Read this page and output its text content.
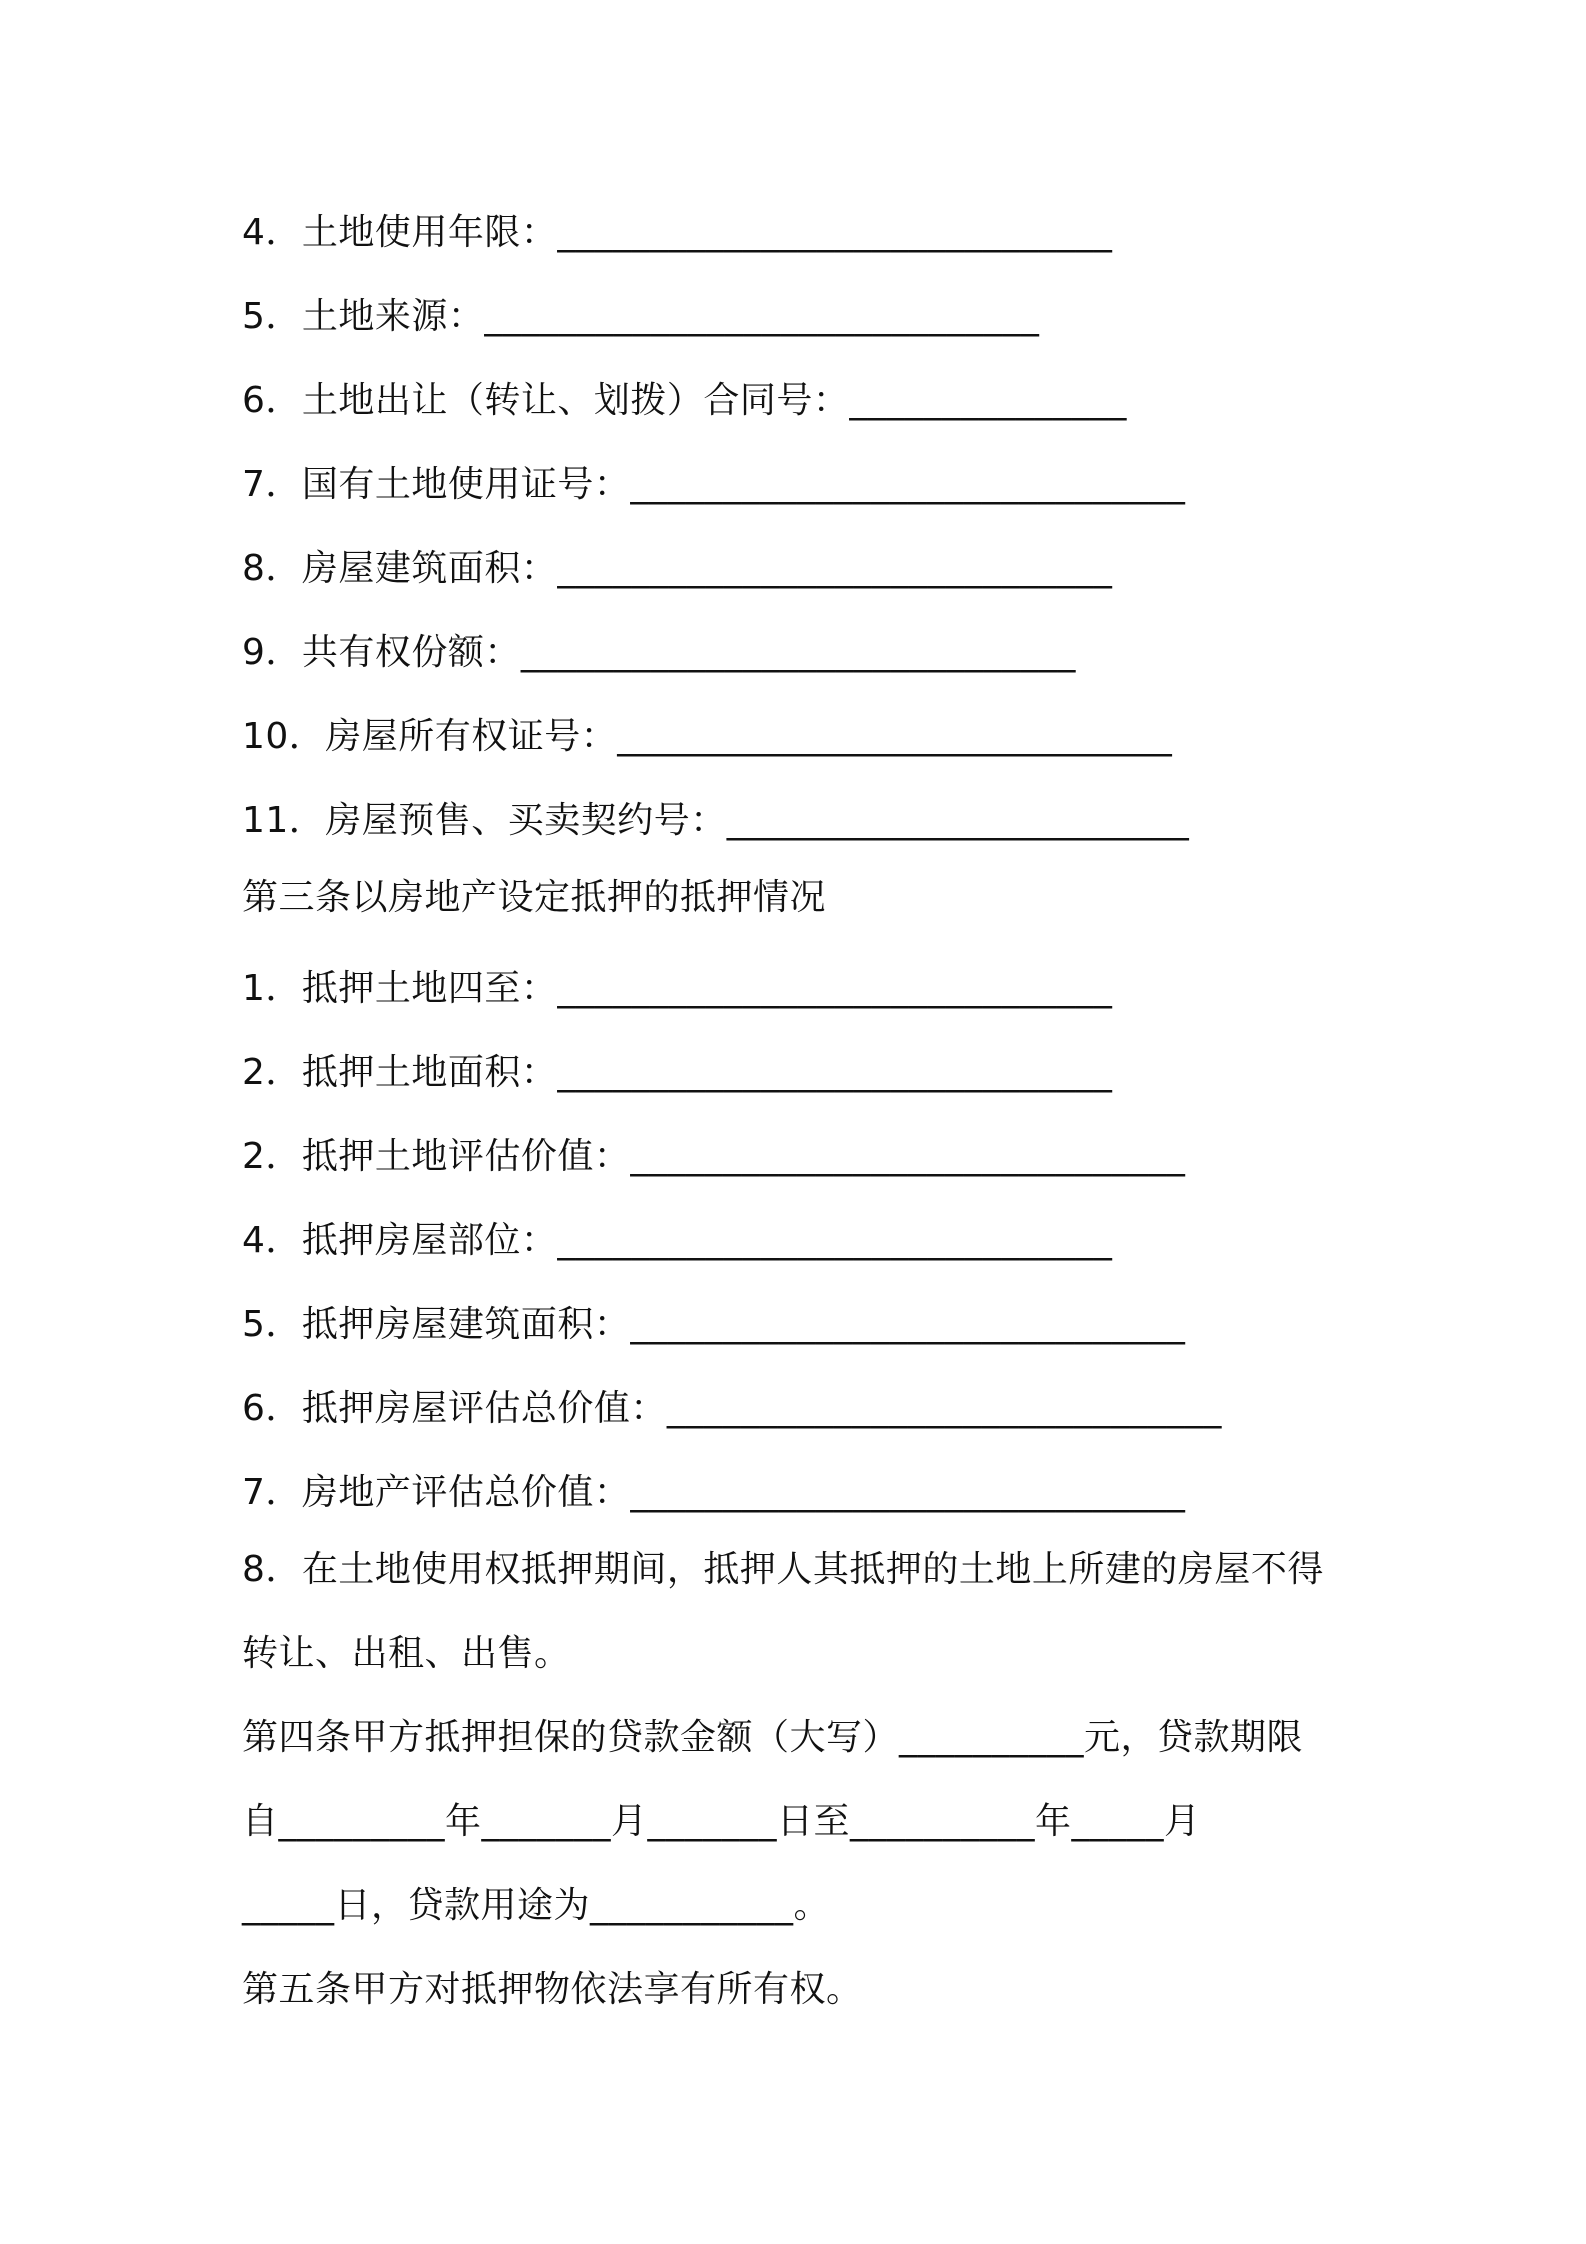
4．土地使用年限：______________________________
5．土地来源：______________________________
6．土地出让（转让、划拨）合同号：_______________
7．国有土地使用证号：______________________________
8．房屋建筑面积：______________________________
9．共有权份额：______________________________
10．房屋所有权证号：______________________________
11．房屋预售、买卖契约号：_________________________
第三条以房地产设定抵押的抵押情况
1．抵押土地四至：______________________________
2．抵押土地面积：______________________________
2．抵押土地评估价值：______________________________
4．抵押房屋部位：______________________________
5．抵押房屋建筑面积：______________________________
6．抵押房屋评估总价值：______________________________
7．房地产评估总价值：______________________________
8．在土地使用权抵押期间，抵押人其抵押的土地上所建的房屋不得
转让、出租、出售。
第四条甲方抵押担保的贷款金额（大写）__________元，贷款期限
自_________年_______月_______日至__________年_____月
_____日，贷款用途为___________。
第五条甲方对抵押物依法享有所有权。
